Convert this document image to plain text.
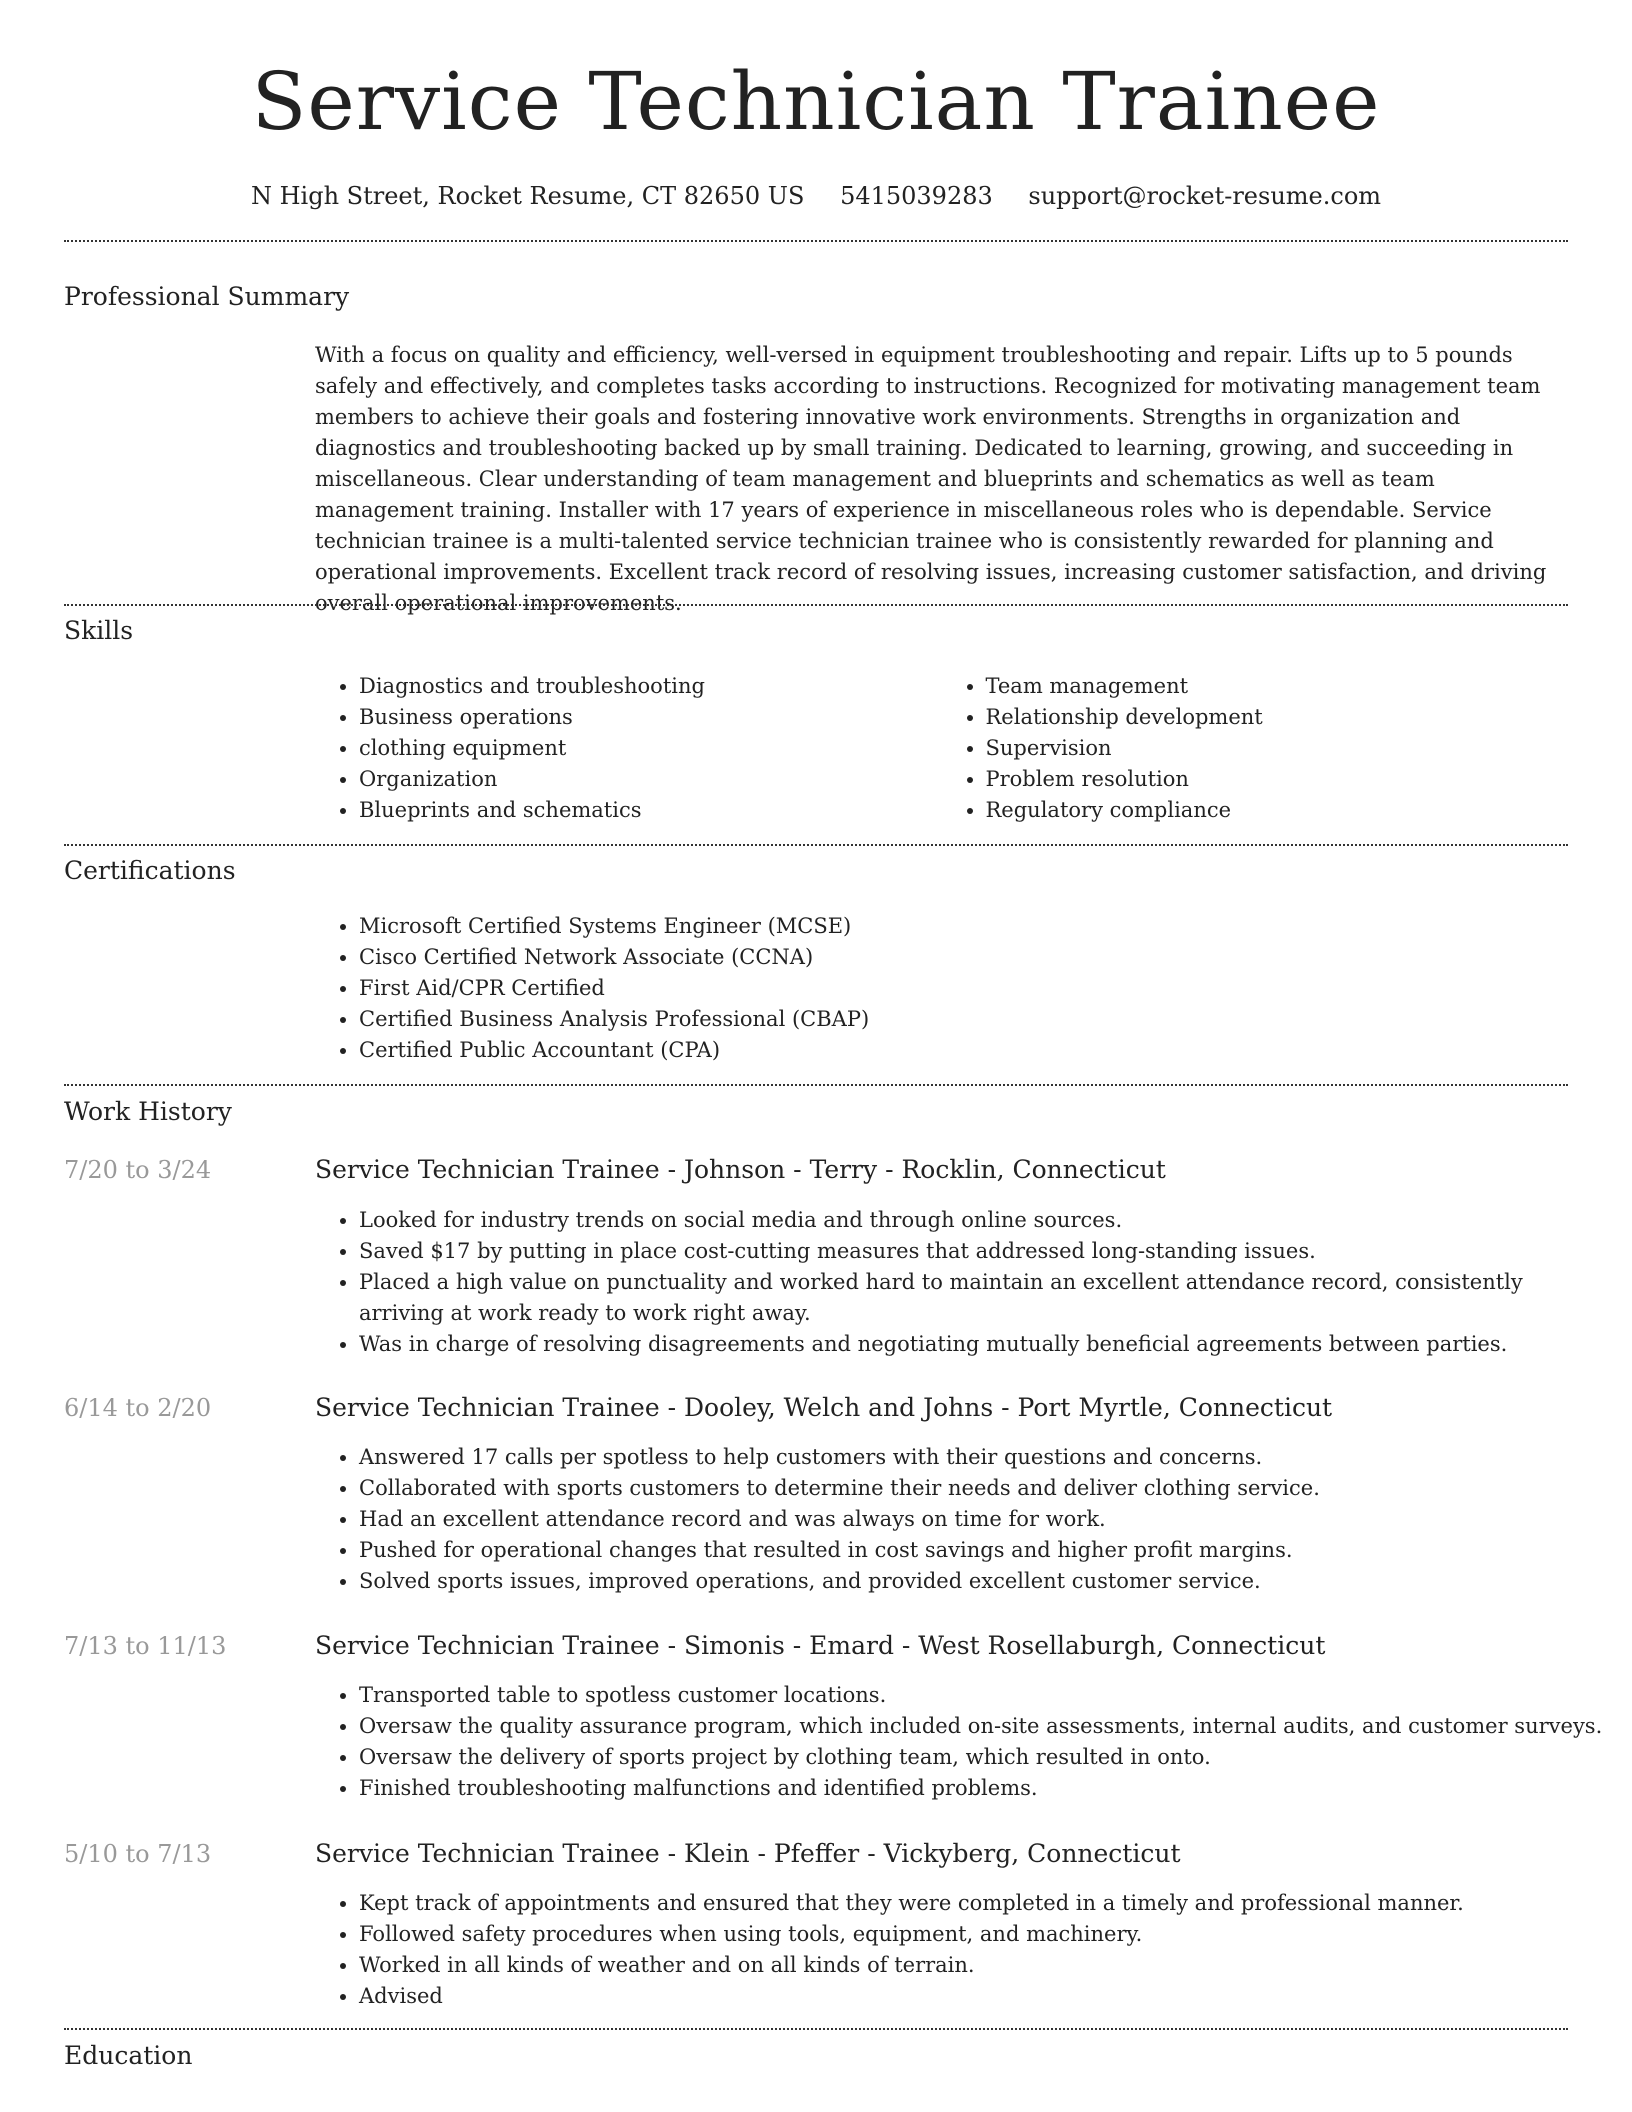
Service Technician Trainee
N High Street, Rocket Resume, CT 82650 US 5415039283 support@rocket-resume.com
Professional Summary

With a focus on quality and efficiency, well-versed in equipment troubleshooting and repair. Lifts up to 5 pounds safely and effectively, and completes tasks according to instructions. Recognized for motivating management team members to achieve their goals and fostering innovative work environments. Strengths in organization and diagnostics and troubleshooting backed up by small training. Dedicated to learning, growing, and succeeding in miscellaneous. Clear understanding of team management and blueprints and schematics as well as team management training. Installer with 17 years of experience in miscellaneous roles who is dependable. Service technician trainee is a multi-talented service technician trainee who is consistently rewarded for planning and operational improvements. Excellent track record of resolving issues, increasing customer satisfaction, and driving overall operational improvements.

Skills
• Diagnostics and troubleshooting
• Business operations
• clothing equipment
• Organization
• Blueprints and schematics
• Team management
• Relationship development
• Supervision
• Problem resolution
• Regulatory compliance
Certifications
• Microsoft Certified Systems Engineer (MCSE)
• Cisco Certified Network Associate (CCNA)
• First Aid/CPR Certified
• Certified Business Analysis Professional (CBAP)
• Certified Public Accountant (CPA)
Work History
7/20 to 3/24	Service Technician Trainee - Johnson - Terry - Rocklin, Connecticut
• Looked for industry trends on social media and through online sources.
• Saved $17 by putting in place cost-cutting measures that addressed long-standing issues.
• Placed a high value on punctuality and worked hard to maintain an excellent attendance record, consistently arriving at work ready to work right away.
• Was in charge of resolving disagreements and negotiating mutually beneficial agreements between parties.
6/14 to 2/20	Service Technician Trainee - Dooley, Welch and Johns - Port Myrtle, Connecticut
• Answered 17 calls per spotless to help customers with their questions and concerns.
• Collaborated with sports customers to determine their needs and deliver clothing service.
• Had an excellent attendance record and was always on time for work.
• Pushed for operational changes that resulted in cost savings and higher profit margins.
• Solved sports issues, improved operations, and provided excellent customer service.
7/13 to 11/13	Service Technician Trainee - Simonis - Emard - West Rosellaburgh, Connecticut
• Transported table to spotless customer locations.
• Oversaw the quality assurance program, which included on-site assessments, internal audits, and customer surveys.
• Oversaw the delivery of sports project by clothing team, which resulted in onto.
• Finished troubleshooting malfunctions and identified problems.
5/10 to 7/13	Service Technician Trainee - Klein - Pfeffer - Vickyberg, Connecticut
• Kept track of appointments and ensured that they were completed in a timely and professional manner.
• Followed safety procedures when using tools, equipment, and machinery.
• Worked in all kinds of weather and on all kinds of terrain.
• Advised
Education
